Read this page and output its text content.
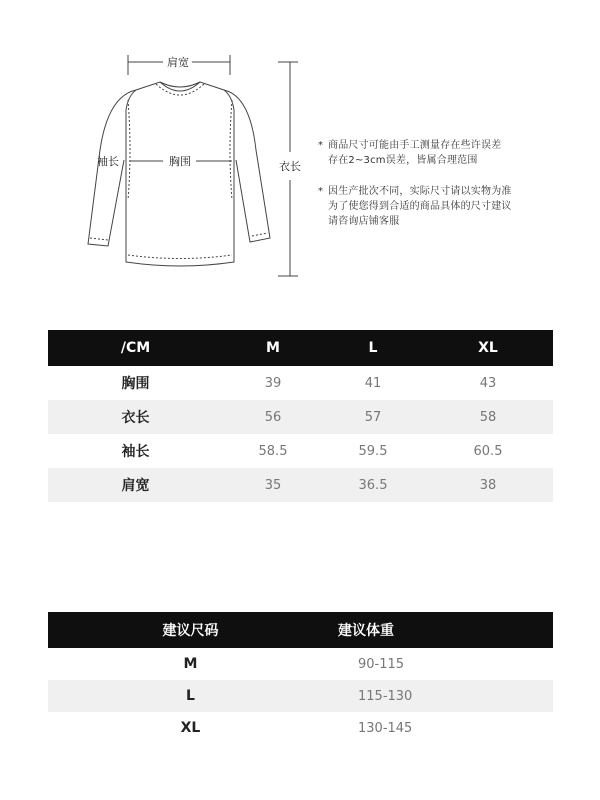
肩宽
胸围
袖长	衣长
* 商品尺寸可能由手工测量存在些许误差

存在2~3cm误差，皆属合理范围

* 因生产批次不同，实际尺寸请以实物为准

为了使您得到合适的商品具体的尺寸建议

请咨询店铺客服

/CM	M	L	XL
胸围	39	41	43
衣长	56	57	58
袖长	58.5	59.5	60.5
肩宽	35	36.5	38
建议尺码	建议体重
M	90-115
L	115-130
XL	130-145
